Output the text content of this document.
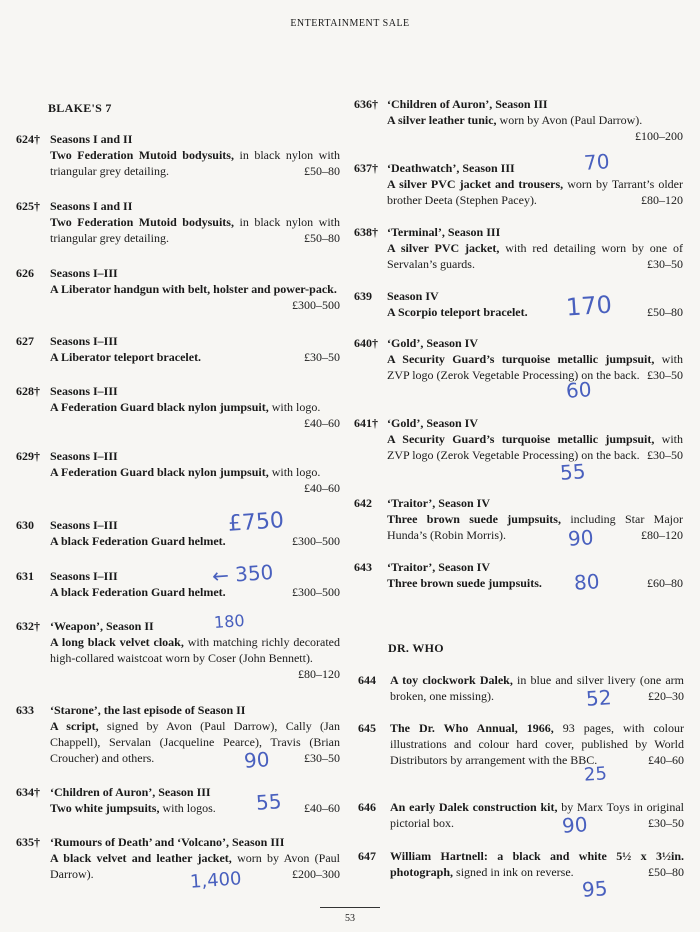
ENTERTAINMENT SALE
BLAKE'S 7
624† Seasons I and II
Two Federation Mutoid bodysuits, in black nylon with triangular grey detailing.	£50–80
625† Seasons I and II
Two Federation Mutoid bodysuits, in black nylon with triangular grey detailing.	£50–80
626 Seasons I–III
A Liberator handgun with belt, holster and power-pack.
£300–500
627 Seasons I–III
A Liberator teleport bracelet.	£30–50
628† Seasons I–III
A Federation Guard black nylon jumpsuit, with logo.
£40–60
629† Seasons I–III
A Federation Guard black nylon jumpsuit, with logo.
£40–60
630 Seasons I–III
A black Federation Guard helmet.	£300–500
631 Seasons I–III
A black Federation Guard helmet.	£300–500
632† ‘Weapon’, Season II
A long black velvet cloak, with matching richly decorated high-collared waistcoat worn by Coser (John Bennett).
£80–120
633 ‘Starone’, the last episode of Season II
A script, signed by Avon (Paul Darrow), Cally (Jan Chappell), Servalan (Jacqueline Pearce), Travis (Brian Croucher) and others.	£30–50
634† ‘Children of Auron’, Season III
Two white jumpsuits, with logos.	£40–60
635† ‘Rumours of Death’ and ‘Volcano’, Season III
A black velvet and leather jacket, worn by Avon (Paul Darrow).	£200–300
636† ‘Children of Auron’, Season III
A silver leather tunic, worn by Avon (Paul Darrow).
£100–200
637† ‘Deathwatch’, Season III
A silver PVC jacket and trousers, worn by Tarrant’s older brother Deeta (Stephen Pacey).	£80–120
638† ‘Terminal’, Season III
A silver PVC jacket, with red detailing worn by one of Servalan’s guards.	£30–50
639 Season IV
A Scorpio teleport bracelet.	£50–80
640† ‘Gold’, Season IV
A Security Guard’s turquoise metallic jumpsuit, with ZVP logo (Zerok Vegetable Processing) on the back. £30–50
641† ‘Gold’, Season IV
A Security Guard’s turquoise metallic jumpsuit, with ZVP logo (Zerok Vegetable Processing) on the back. £30–50
642 ‘Traitor’, Season IV
Three brown suede jumpsuits, including Star Major Hunda’s (Robin Morris).	£80–120
643 ‘Traitor’, Season IV
Three brown suede jumpsuits.	£60–80
DR. WHO
644 A toy clockwork Dalek, in blue and silver livery (one arm broken, one missing).	£20–30
645 The Dr. Who Annual, 1966, 93 pages, with colour illustrations and colour hard cover, published by World Distributors by arrangement with the BBC.	£40–60
646 An early Dalek construction kit, by Marx Toys in original pictorial box.	£30–50
647 William Hartnell: a black and white 5½ x 3½in. photograph, signed in ink on reverse.	£50–80
£750
← 350
180
90
55
1,400
70
170
60
55
90
80
52
25
90
95
53
